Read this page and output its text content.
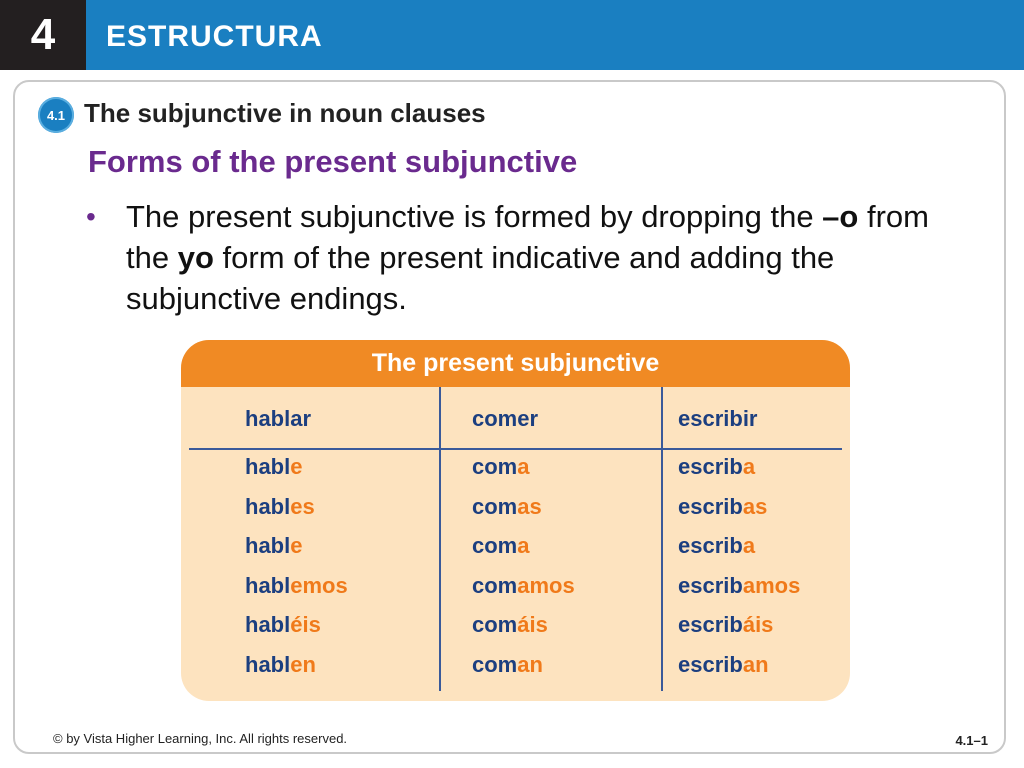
4	ESTRUCTURA
4.1 The subjunctive in noun clauses
Forms of the present subjunctive
• The present subjunctive is formed by dropping the –o from the yo form of the present indicative and adding the subjunctive endings.
The present subjunctive
hablar	comer	escribir
hable	coma	escriba
hables	comas	escribas
hable	coma	escriba
hablemos	comamos	escribamos
habléis	comáis	escribáis
hablen	coman	escriban
© by Vista Higher Learning, Inc. All rights reserved.	4.1–1
